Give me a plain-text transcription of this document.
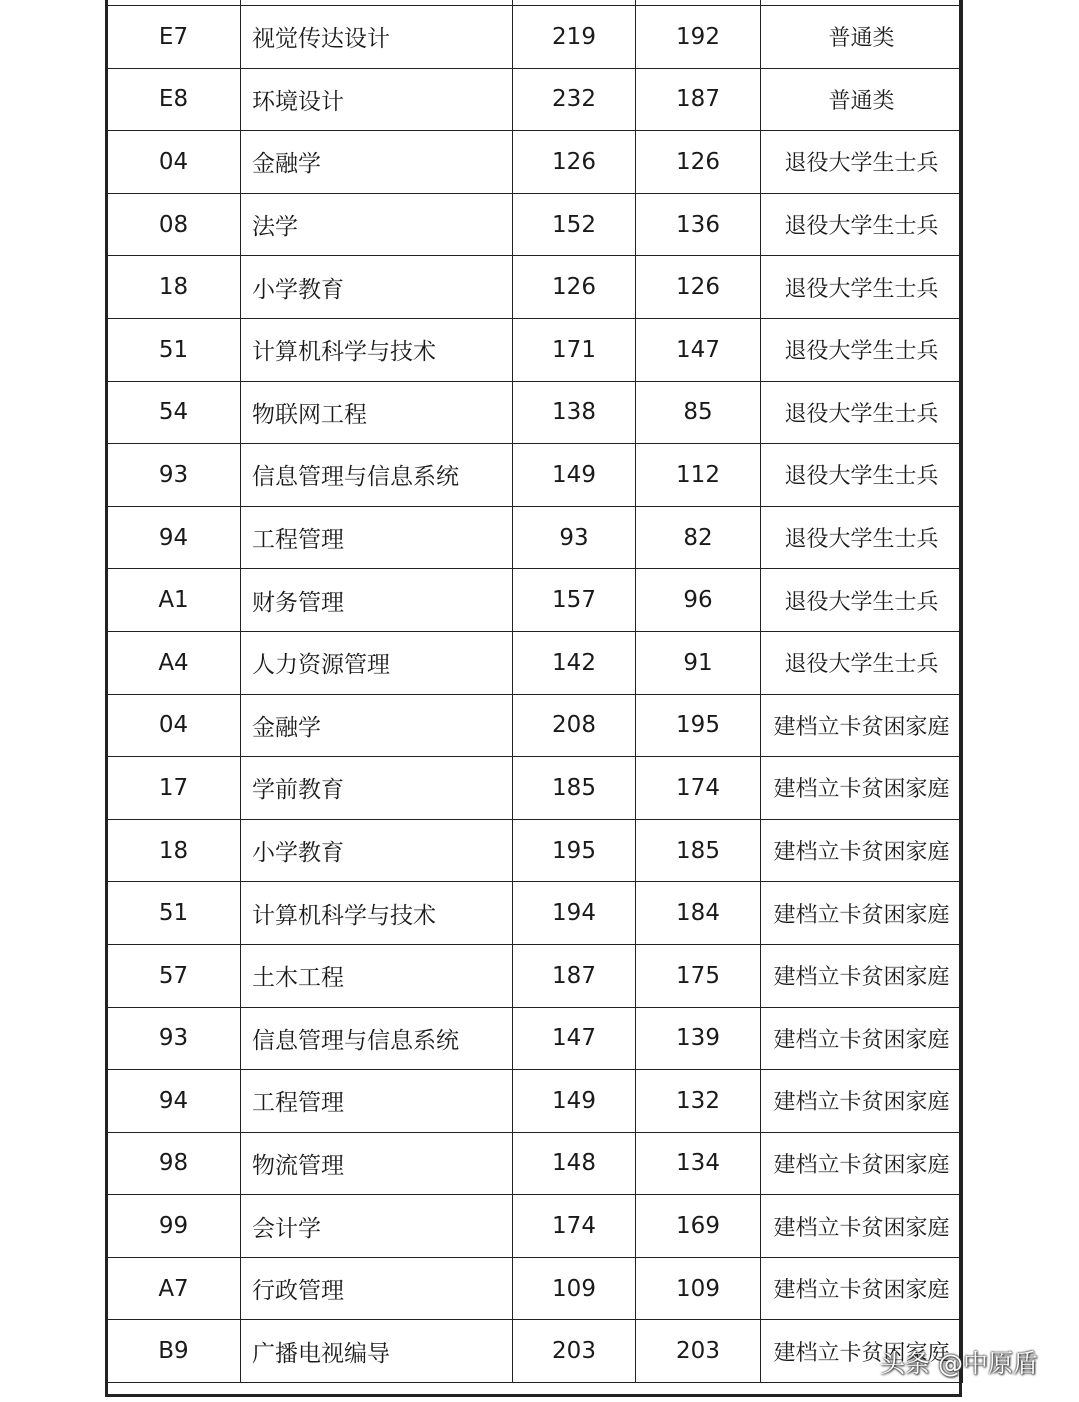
E7	视觉传达设计	219	192	普通类
E8	环境设计	232	187	普通类
04	金融学	126	126	退役大学生士兵
08	法学	152	136	退役大学生士兵
18	小学教育	126	126	退役大学生士兵
51	计算机科学与技术	171	147	退役大学生士兵
54	物联网工程	138	85	退役大学生士兵
93	信息管理与信息系统	149	112	退役大学生士兵
94	工程管理	93	82	退役大学生士兵
A1	财务管理	157	96	退役大学生士兵
A4	人力资源管理	142	91	退役大学生士兵
04	金融学	208	195	建档立卡贫困家庭
17	学前教育	185	174	建档立卡贫困家庭
18	小学教育	195	185	建档立卡贫困家庭
51	计算机科学与技术	194	184	建档立卡贫困家庭
57	土木工程	187	175	建档立卡贫困家庭
93	信息管理与信息系统	147	139	建档立卡贫困家庭
94	工程管理	149	132	建档立卡贫困家庭
98	物流管理	148	134	建档立卡贫困家庭
99	会计学	174	169	建档立卡贫困家庭
A7	行政管理	109	109	建档立卡贫困家庭
B9	广播电视编导	203	203	建档立卡贫困家庭
头条 @中原盾
